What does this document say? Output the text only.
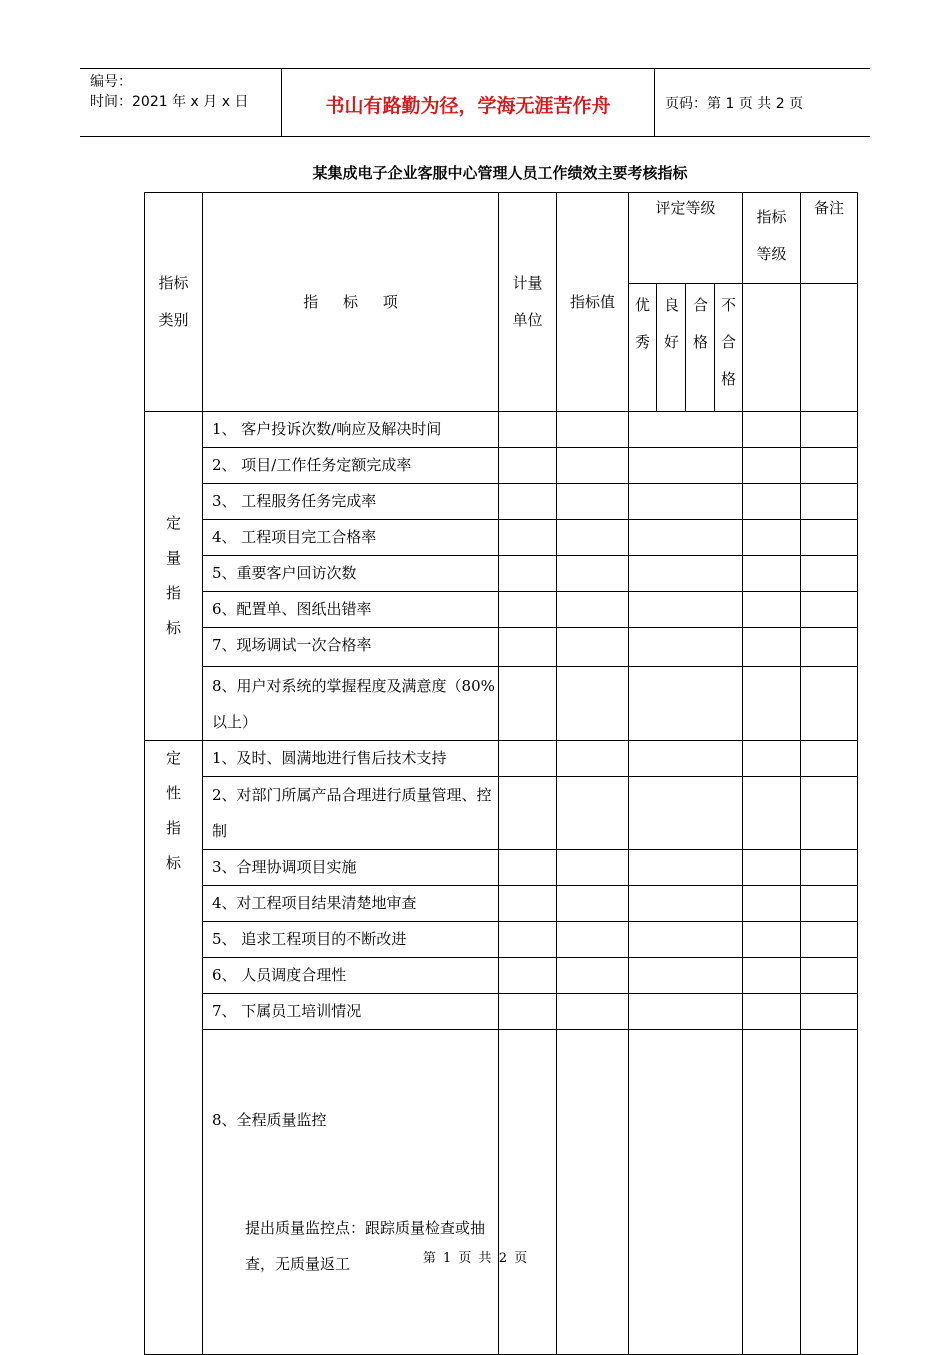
编号：
时间：2021 年 x 月 x 日	书山有路勤为径，学海无涯苦作舟	页码：第 1 页 共 2 页
某集成电子企业客服中心管理人员工作绩效主要考核指标
指标类别	指 标 项	计量单位	指标值	评定等级				指标等级	备注
				优秀	良好	合格	不合格		

定量指标	1、 客户投诉次数/响应及解决时间								
	2、 项目/工作任务定额完成率								
	3、 工程服务任务完成率								
	4、 工程项目完工合格率								
	5、重要客户回访次数								
	6、配置单、图纸出错率								
	7、现场调试一次合格率								
	8、用户对系统的掌握程度及满意度（80%以上）								

定性指标	1、及时、圆满地进行售后技术支持								
	2、对部门所属产品合理进行质量管理、控制								
	3、合理协调项目实施								
	4、对工程项目结果清楚地审查								
	5、 追求工程项目的不断改进								
	6、 人员调度合理性								
	7、 下属员工培训情况								

	8、全程质量监控

提出质量监控点：跟踪质量检查或抽查，无质量返工								

						第 1 页 共 2 页
